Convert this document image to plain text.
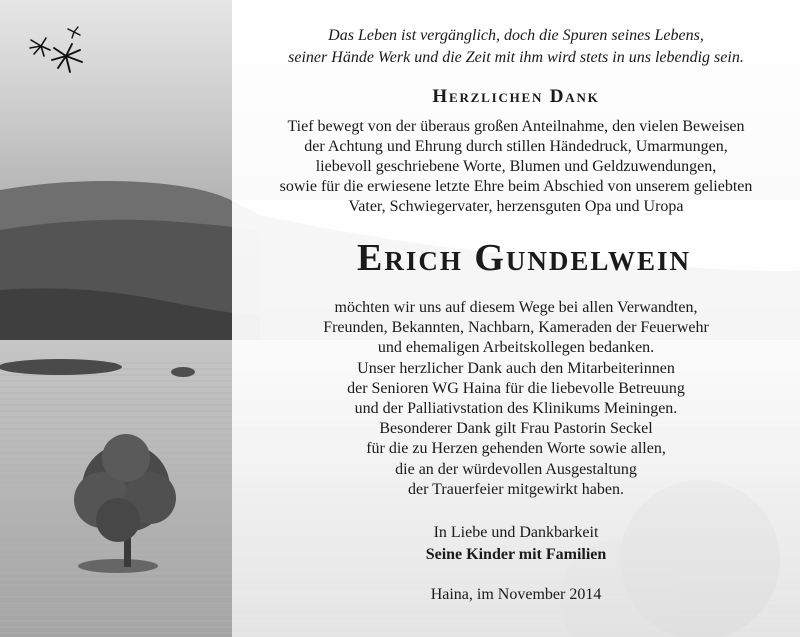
Das Leben ist vergänglich, doch die Spuren seines Lebens,
seiner Hände Werk und die Zeit mit ihm wird stets in uns lebendig sein.

Herzlichen Dank

Tief bewegt von der überaus großen Anteilnahme, den vielen Beweisen
der Achtung und Ehrung durch stillen Händedruck, Umarmungen,
liebevoll geschriebene Worte, Blumen und Geldzuwendungen,
sowie für die erwiesene letzte Ehre beim Abschied von unserem geliebten
Vater, Schwiegervater, herzensguten Opa und Uropa

Erich Gundelwein

möchten wir uns auf diesem Wege bei allen Verwandten,
Freunden, Bekannten, Nachbarn, Kameraden der Feuerwehr
und ehemaligen Arbeitskollegen bedanken.
Unser herzlicher Dank auch den Mitarbeiterinnen
der Senioren WG Haina für die liebevolle Betreuung
und der Palliativstation des Klinikums Meiningen.
Besonderer Dank gilt Frau Pastorin Seckel
für die zu Herzen gehenden Worte sowie allen,
die an der würdevollen Ausgestaltung
der Trauerfeier mitgewirkt haben.

In Liebe und Dankbarkeit
Seine Kinder mit Familien

Haina, im November 2014
